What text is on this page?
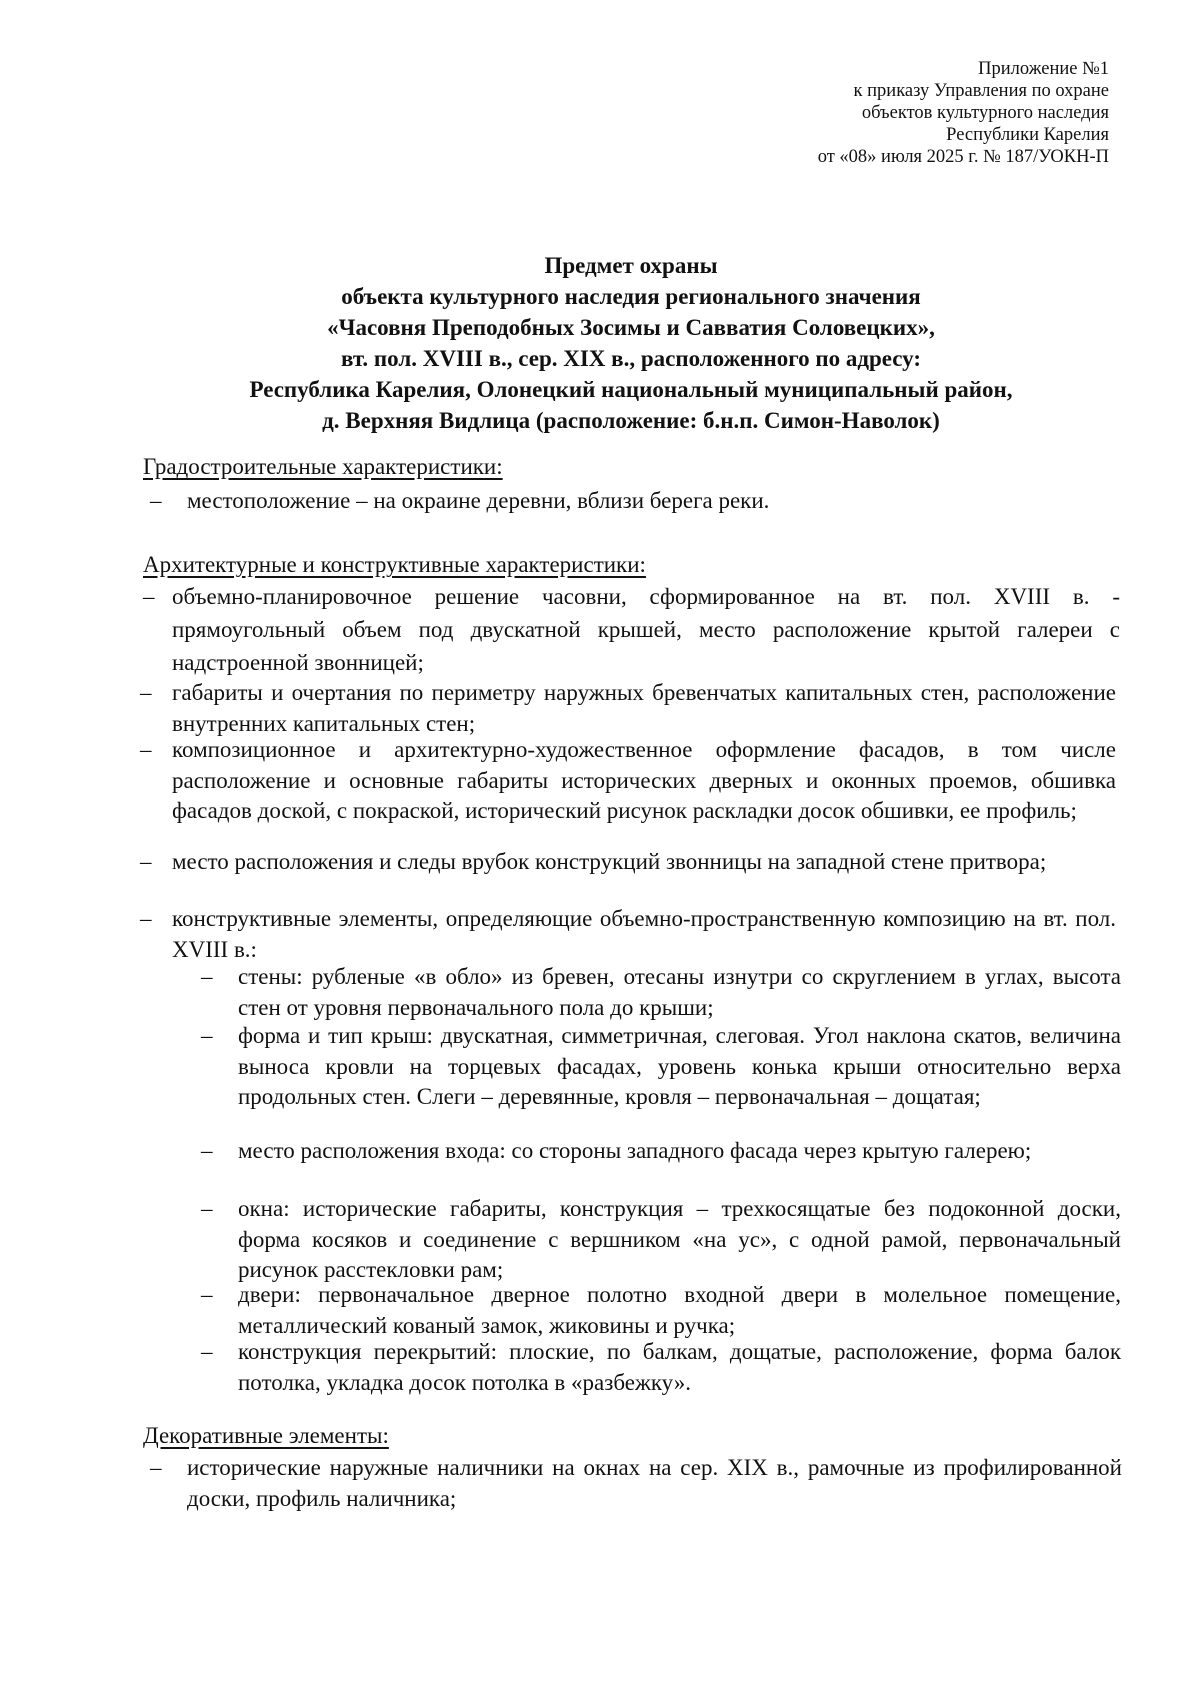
Приложение №1
к приказу Управления по охране
объектов культурного наследия
Республики Карелия
от «08» июля 2025 г. № 187/УОКН-П
Предмет охраны
объекта культурного наследия регионального значения
«Часовня Преподобных Зосимы и Савватия Соловецких»,
вт. пол. XVIII в., сер. XIX в., расположенного по адресу:
Республика Карелия, Олонецкий национальный муниципальный район,
д. Верхняя Видлица (расположение: б.н.п. Симон-Наволок)
Градостроительные характеристики:
– местоположение – на окраине деревни, вблизи берега реки.
Архитектурные и конструктивные характеристики:
– объемно-планировочное решение часовни, сформированное на вт. пол. XVIII в. - прямоугольный объем под двускатной крышей, место расположение крытой галереи с надстроенной звонницей;
– габариты и очертания по периметру наружных бревенчатых капитальных стен, расположение внутренних капитальных стен;
– композиционное и архитектурно-художественное оформление фасадов, в том числе расположение и основные габариты исторических дверных и оконных проемов, обшивка фасадов доской, с покраской, исторический рисунок раскладки досок обшивки, ее профиль;
– место расположения и следы врубок конструкций звонницы на западной стене притвора;
– конструктивные элементы, определяющие объемно-пространственную композицию на вт. пол. XVIII в.:
– стены: рубленые «в обло» из бревен, отесаны изнутри со скруглением в углах, высота стен от уровня первоначального пола до крыши;
– форма и тип крыш: двускатная, симметричная, слеговая. Угол наклона скатов, величина выноса кровли на торцевых фасадах, уровень конька крыши относительно верха продольных стен. Слеги – деревянные, кровля – первоначальная – дощатая;
– место расположения входа: со стороны западного фасада через крытую галерею;
– окна: исторические габариты, конструкция – трехкосящатые без подоконной доски, форма косяков и соединение с вершником «на ус», с одной рамой, первоначальный рисунок расстекловки рам;
– двери: первоначальное дверное полотно входной двери в молельное помещение, металлический кованый замок, жиковины и ручка;
– конструкция перекрытий: плоские, по балкам, дощатые, расположение, форма балок потолка, укладка досок потолка в «разбежку».
Декоративные элементы:
– исторические наружные наличники на окнах на сер. XIX в., рамочные из профилированной доски, профиль наличника;
